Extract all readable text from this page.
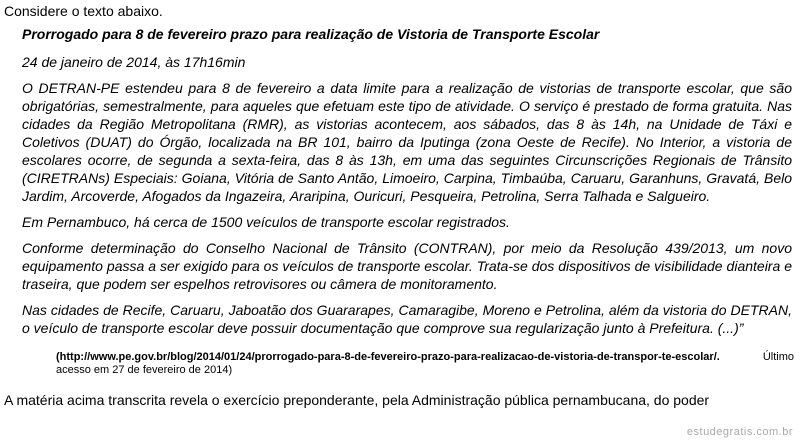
Considere o texto abaixo.

Prorrogado para 8 de fevereiro prazo para realização de Vistoria de Transporte Escolar

24 de janeiro de 2014, às 17h16min

O DETRAN-PE estendeu para 8 de fevereiro a data limite para a realização de vistorias de transporte escolar, que são obrigatórias, semestralmente, para aqueles que efetuam este tipo de atividade. O serviço é prestado de forma gratuita. Nas cidades da Região Metropolitana (RMR), as vistorias acontecem, aos sábados, das 8 às 14h, na Unidade de Táxi e Coletivos (DUAT) do Órgão, localizada na BR 101, bairro da Iputinga (zona Oeste de Recife). No Interior, a vistoria de escolares ocorre, de segunda a sexta-feira, das 8 às 13h, em uma das seguintes Circunscrições Regionais de Trânsito (CIRETRANs) Especiais: Goiana, Vitória de Santo Antão, Limoeiro, Carpina, Timbaúba, Caruaru, Garanhuns, Gravatá, Belo Jardim, Arcoverde, Afogados da Ingazeira, Araripina, Ouricuri, Pesqueira, Petrolina, Serra Talhada e Salgueiro.

Em Pernambuco, há cerca de 1500 veículos de transporte escolar registrados.

Conforme determinação do Conselho Nacional de Trânsito (CONTRAN), por meio da Resolução 439/2013, um novo equipamento passa a ser exigido para os veículos de transporte escolar. Trata-se dos dispositivos de visibilidade dianteira e traseira, que podem ser espelhos retrovisores ou câmera de monitoramento.

Nas cidades de Recife, Caruaru, Jaboatão dos Guararapes, Camaragibe, Moreno e Petrolina, além da vistoria do DETRAN, o veículo de transporte escolar deve possuir documentação que comprove sua regularização junto à Prefeitura. (...)”

(http://www.pe.gov.br/blog/2014/01/24/prorrogado-para-8-de-fevereiro-prazo-para-realizacao-de-vistoria-de-transpor-te-escolar/.	Último
acesso em 27 de fevereiro de 2014)
A matéria acima transcrita revela o exercício preponderante, pela Administração pública pernambucana, do poder
estudegratis.com.br
